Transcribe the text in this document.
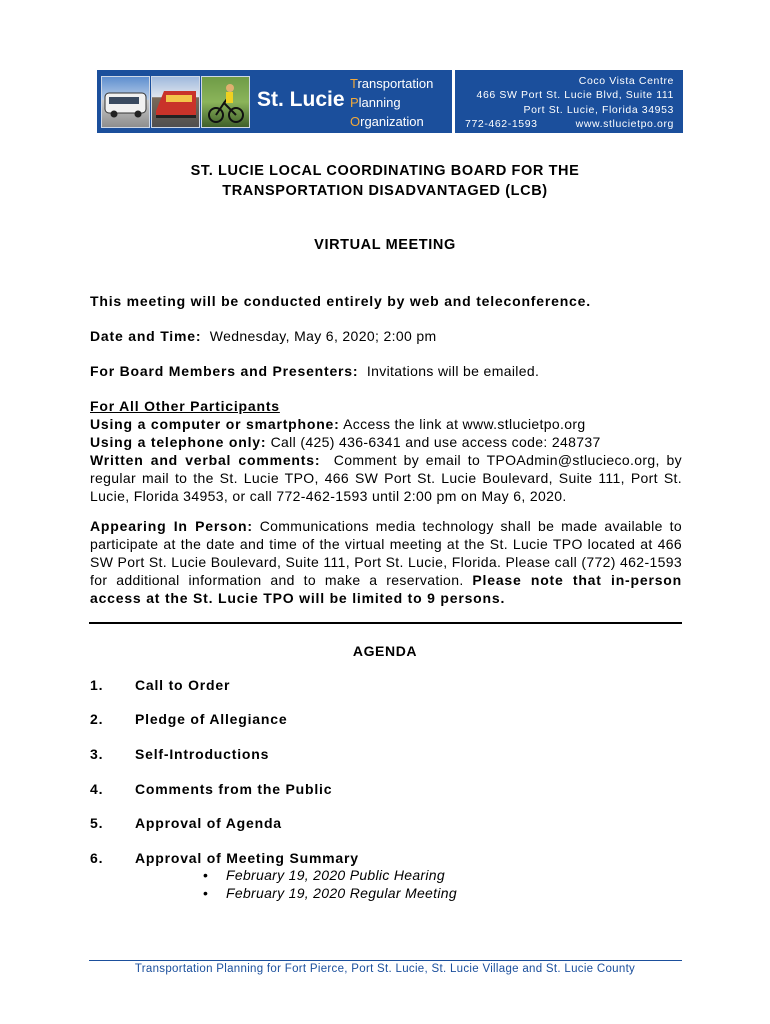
St. Lucie
Transportation
Planning
Organization
Coco Vista Centre
466 SW Port St. Lucie Blvd, Suite 111
Port St. Lucie, Florida 34953
772-462-1593	www.stlucietpo.org
ST. LUCIE LOCAL COORDINATING BOARD FOR THE
TRANSPORTATION DISADVANTAGED (LCB)
VIRTUAL MEETING
This meeting will be conducted entirely by web and teleconference.
Date and Time: Wednesday, May 6, 2020; 2:00 pm
For Board Members and Presenters: Invitations will be emailed.
For All Other Participants
Using a computer or smartphone: Access the link at www.stlucietpo.org
Using a telephone only: Call (425) 436-6341 and use access code: 248737
Written and verbal comments: Comment by email to TPOAdmin@stlucieco.org, by regular mail to the St. Lucie TPO, 466 SW Port St. Lucie Boulevard, Suite 111, Port St. Lucie, Florida 34953, or call 772-462-1593 until 2:00 pm on May 6, 2020.
Appearing In Person: Communications media technology shall be made available to participate at the date and time of the virtual meeting at the St. Lucie TPO located at 466 SW Port St. Lucie Boulevard, Suite 111, Port St. Lucie, Florida. Please call (772) 462-1593 for additional information and to make a reservation. Please note that in-person access at the St. Lucie TPO will be limited to 9 persons.
AGENDA
1. Call to Order
2. Pledge of Allegiance
3. Self-Introductions
4. Comments from the Public
5. Approval of Agenda
6. Approval of Meeting Summary
• February 19, 2020 Public Hearing
• February 19, 2020 Regular Meeting
Transportation Planning for Fort Pierce, Port St. Lucie, St. Lucie Village and St. Lucie County
